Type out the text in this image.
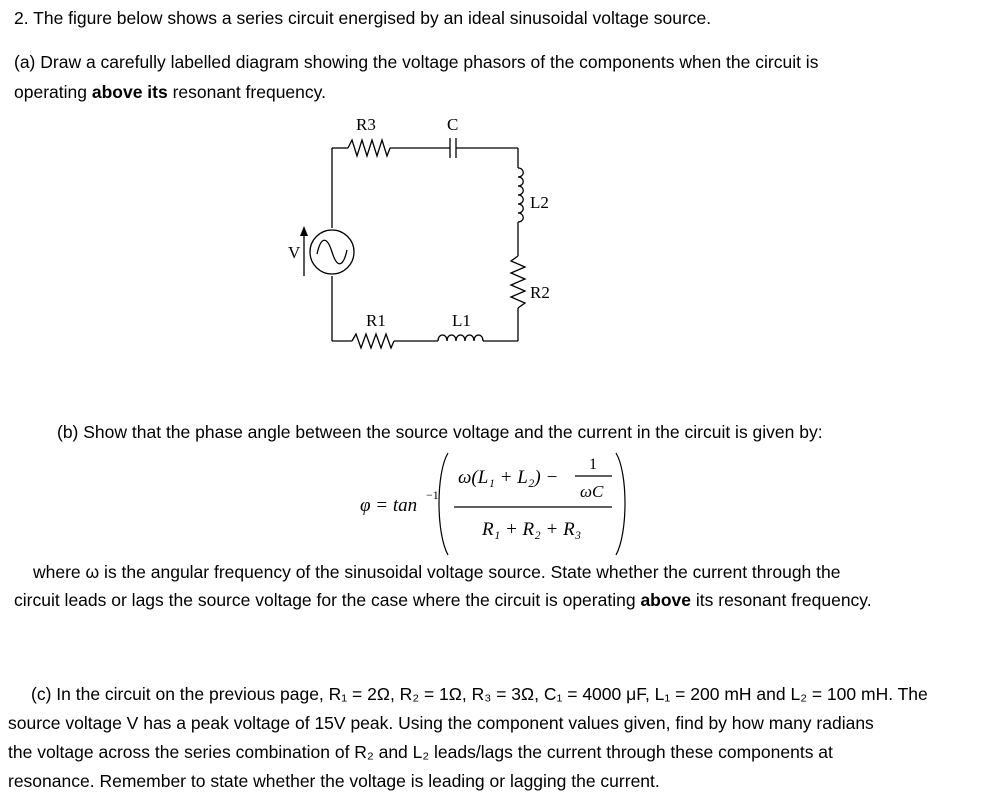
2. The figure below shows a series circuit energised by an ideal sinusoidal voltage source.

(a) Draw a carefully labelled diagram showing the voltage phasors of the components when the circuit is

operating above its resonant frequency.

R3	C
L2
R2
R1	L1
V

(b) Show that the phase angle between the source voltage and the current in the circuit is given by:

φ = tan −1
ω(L₁ + L₂) −
1
ωC
R₁ + R₂ + R₃

where ω is the angular frequency of the sinusoidal voltage source. State whether the current through the

circuit leads or lags the source voltage for the case where the circuit is operating above its resonant frequency.

(c) In the circuit on the previous page, R₁ = 2Ω, R₂ = 1Ω, R₃ = 3Ω, C₁ = 4000 μF, L₁ = 200 mH and L₂ = 100 mH. The

source voltage V has a peak voltage of 15V peak. Using the component values given, find by how many radians

the voltage across the series combination of R₂ and L₂ leads/lags the current through these components at

resonance. Remember to state whether the voltage is leading or lagging the current.
